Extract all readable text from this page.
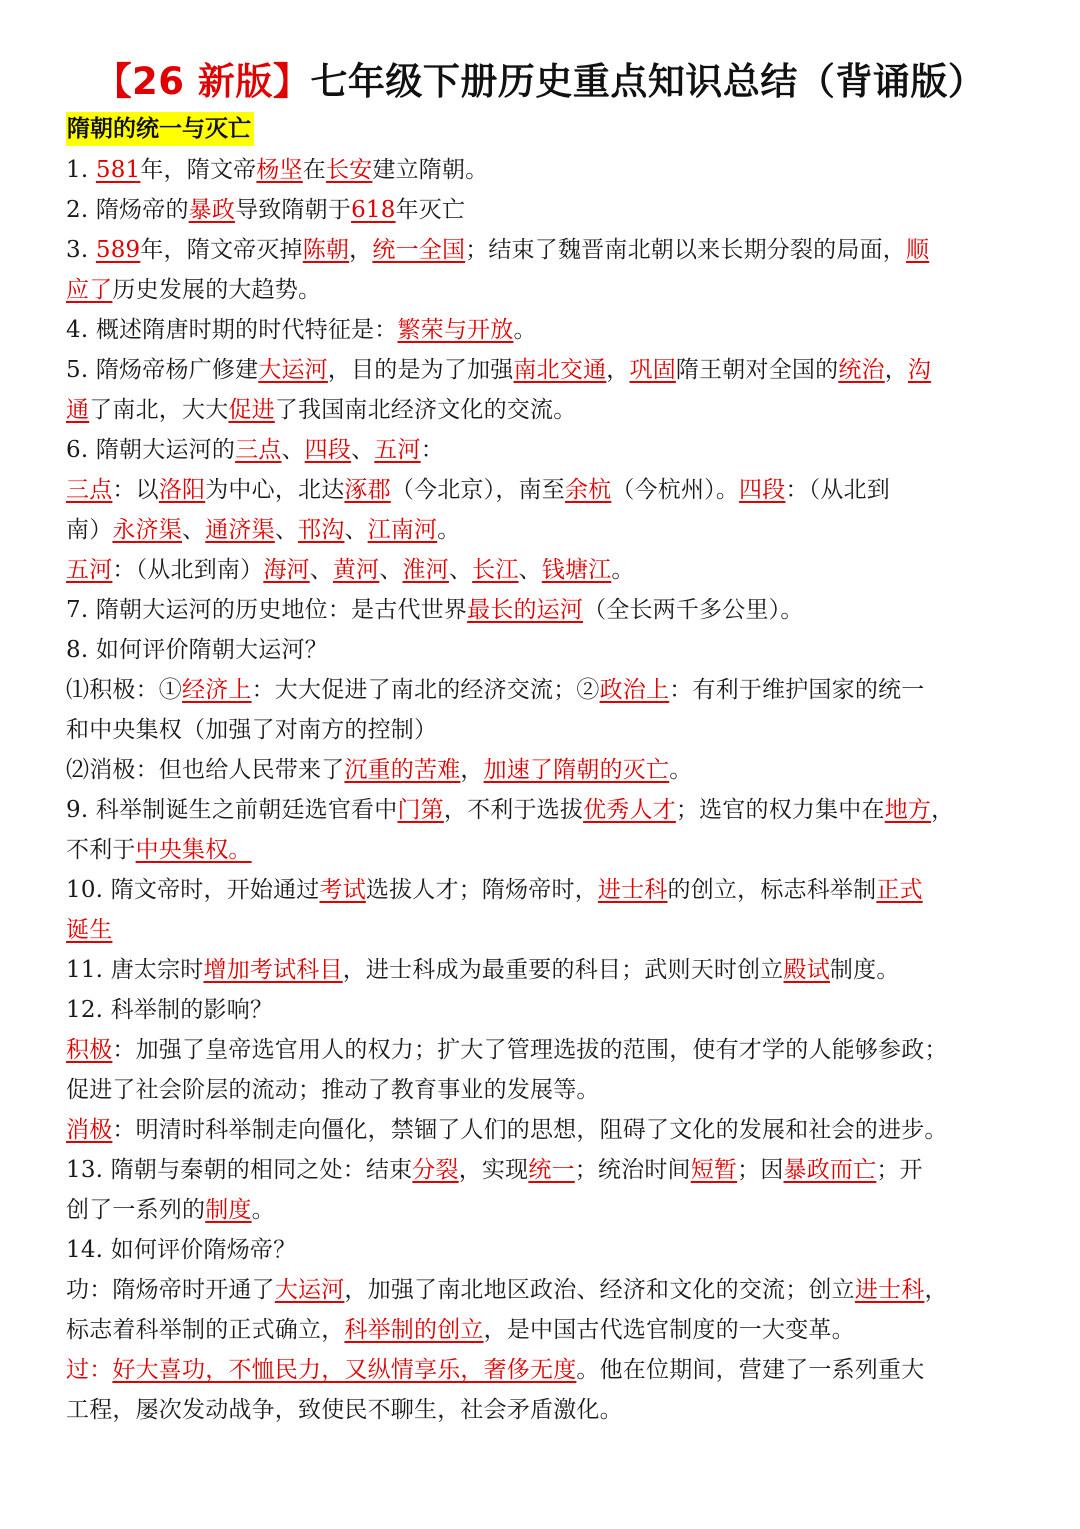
【26 新版】七年级下册历史重点知识总结（背诵版）
隋朝的统一与灭亡
1. 581年，隋文帝杨坚在长安建立隋朝。
2. 隋炀帝的暴政导致隋朝于618年灭亡
3. 589年，隋文帝灭掉陈朝，统一全国；结束了魏晋南北朝以来长期分裂的局面，顺
应了历史发展的大趋势。
4. 概述隋唐时期的时代特征是：繁荣与开放。
5. 隋炀帝杨广修建大运河，目的是为了加强南北交通，巩固隋王朝对全国的统治，沟
通了南北，大大促进了我国南北经济文化的交流。
6. 隋朝大运河的三点、四段、五河：
三点：以洛阳为中心，北达涿郡（今北京），南至余杭（今杭州）。四段：（从北到
南）永济渠、通济渠、邗沟、江南河。
五河：（从北到南）海河、黄河、淮河、长江、钱塘江。
7. 隋朝大运河的历史地位：是古代世界最长的运河（全长两千多公里）。
8. 如何评价隋朝大运河？
⑴积极：①经济上：大大促进了南北的经济交流；②政治上：有利于维护国家的统一
和中央集权（加强了对南方的控制）
⑵消极：但也给人民带来了沉重的苦难，加速了隋朝的灭亡。
9. 科举制诞生之前朝廷选官看中门第，不利于选拔优秀人才；选官的权力集中在地方，
不利于中央集权。
10. 隋文帝时，开始通过考试选拔人才；隋炀帝时，进士科的创立，标志科举制正式
诞生
11. 唐太宗时增加考试科目，进士科成为最重要的科目；武则天时创立殿试制度。
12. 科举制的影响？
积极：加强了皇帝选官用人的权力；扩大了管理选拔的范围，使有才学的人能够参政；
促进了社会阶层的流动；推动了教育事业的发展等。
消极：明清时科举制走向僵化，禁锢了人们的思想，阻碍了文化的发展和社会的进步。
13. 隋朝与秦朝的相同之处：结束分裂，实现统一；统治时间短暂；因暴政而亡；开
创了一系列的制度。
14. 如何评价隋炀帝？
功：隋炀帝时开通了大运河，加强了南北地区政治、经济和文化的交流；创立进士科，
标志着科举制的正式确立，科举制的创立，是中国古代选官制度的一大变革。
过：好大喜功，不恤民力，又纵情享乐，奢侈无度。他在位期间，营建了一系列重大
工程，屡次发动战争，致使民不聊生，社会矛盾激化。
